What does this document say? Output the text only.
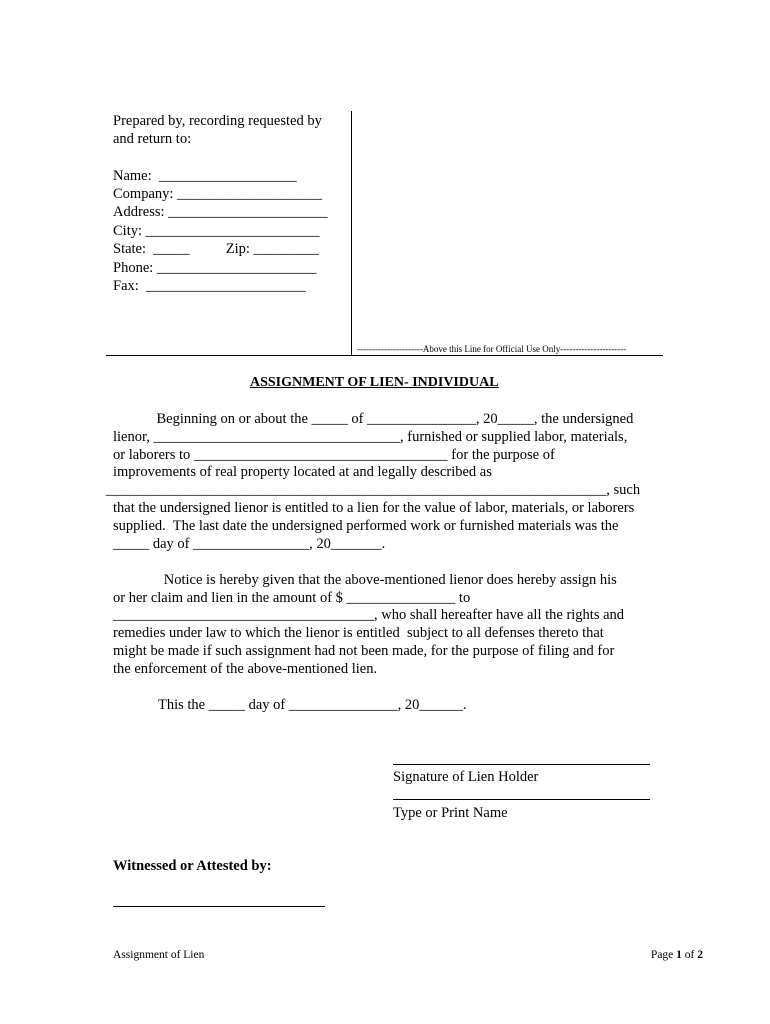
Prepared by, recording requested by
and return to:
Name:  ___________________
Company: ____________________
Address: ______________________
City: ________________________
State:  _____          Zip: _________
Phone: ______________________
Fax:  ______________________
----------------------Above this Line for Official Use Only----------------------
ASSIGNMENT OF LIEN- INDIVIDUAL
Beginning on or about the _____ of _______________, 20_____, the undersigned
lienor, __________________________________, furnished or supplied labor, materials,
or laborers to ___________________________________ for the purpose of
improvements of real property located at and legally described as
_____________________________________________________________________, such
that the undersigned lienor is entitled to a lien for the value of labor, materials, or laborers
supplied.  The last date the undersigned performed work or furnished materials was the
_____ day of ________________, 20_______.
Notice is hereby given that the above-mentioned lienor does hereby assign his
or her claim and lien in the amount of $ _______________ to
____________________________________, who shall hereafter have all the rights and
remedies under law to which the lienor is entitled  subject to all defenses thereto that
might be made if such assignment had not been made, for the purpose of filing and for
the enforcement of the above-mentioned lien.
This the _____ day of _______________, 20______.
Signature of Lien Holder
Type or Print Name
Witnessed or Attested by:
Assignment of Lien	Page 1 of 2
